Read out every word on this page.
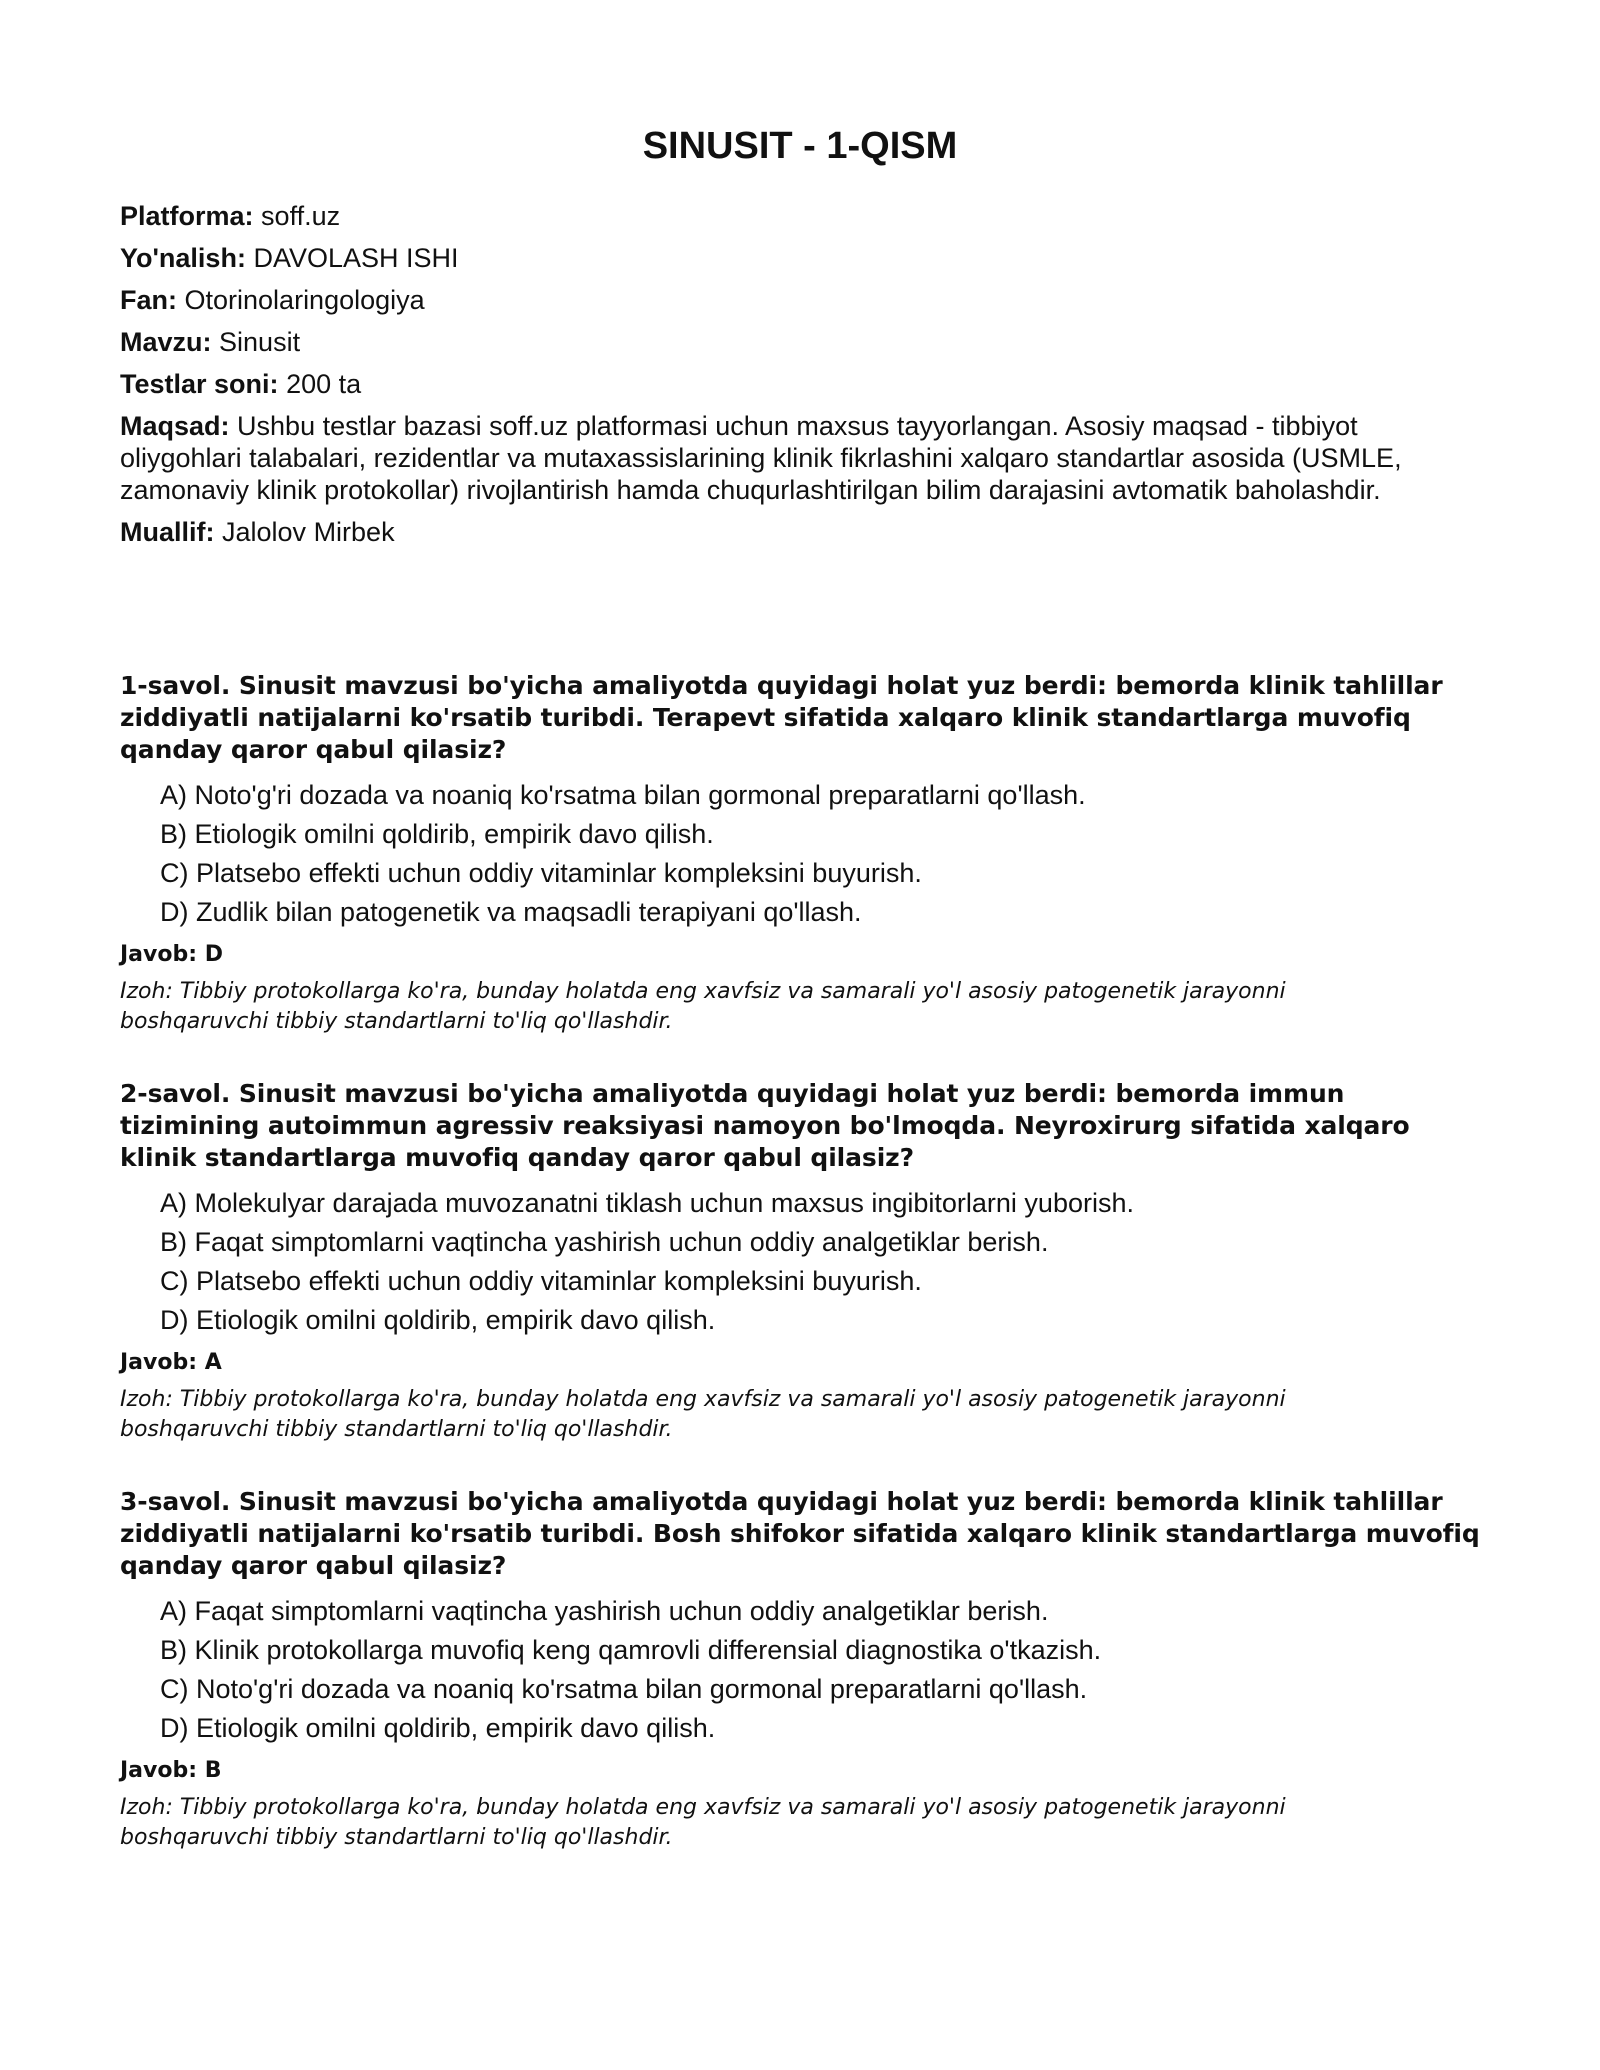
SINUSIT - 1-QISM
Platforma: soff.uz
Yo'nalish: DAVOLASH ISHI
Fan: Otorinolaringologiya
Mavzu: Sinusit
Testlar soni: 200 ta
Maqsad: Ushbu testlar bazasi soff.uz platformasi uchun maxsus tayyorlangan. Asosiy maqsad - tibbiyot oliygohlari talabalari, rezidentlar va mutaxassislarining klinik fikrlashini xalqaro standartlar asosida (USMLE, zamonaviy klinik protokollar) rivojlantirish hamda chuqurlashtirilgan bilim darajasini avtomatik baholashdir.
Muallif: Jalolov Mirbek
1-savol. Sinusit mavzusi bo'yicha amaliyotda quyidagi holat yuz berdi: bemorda klinik tahlillar ziddiyatli natijalarni ko'rsatib turibdi. Terapevt sifatida xalqaro klinik standartlarga muvofiq qanday qaror qabul qilasiz?
A) Noto'g'ri dozada va noaniq ko'rsatma bilan gormonal preparatlarni qo'llash.
B) Etiologik omilni qoldirib, empirik davo qilish.
C) Platsebo effekti uchun oddiy vitaminlar kompleksini buyurish.
D) Zudlik bilan patogenetik va maqsadli terapiyani qo'llash.
Javob: D
Izoh: Tibbiy protokollarga ko'ra, bunday holatda eng xavfsiz va samarali yo'l asosiy patogenetik jarayonni boshqaruvchi tibbiy standartlarni to'liq qo'llashdir.
2-savol. Sinusit mavzusi bo'yicha amaliyotda quyidagi holat yuz berdi: bemorda immun tizimining autoimmun agressiv reaksiyasi namoyon bo'lmoqda. Neyroxirurg sifatida xalqaro klinik standartlarga muvofiq qanday qaror qabul qilasiz?
A) Molekulyar darajada muvozanatni tiklash uchun maxsus ingibitorlarni yuborish.
B) Faqat simptomlarni vaqtincha yashirish uchun oddiy analgetiklar berish.
C) Platsebo effekti uchun oddiy vitaminlar kompleksini buyurish.
D) Etiologik omilni qoldirib, empirik davo qilish.
Javob: A
Izoh: Tibbiy protokollarga ko'ra, bunday holatda eng xavfsiz va samarali yo'l asosiy patogenetik jarayonni boshqaruvchi tibbiy standartlarni to'liq qo'llashdir.
3-savol. Sinusit mavzusi bo'yicha amaliyotda quyidagi holat yuz berdi: bemorda klinik tahlillar ziddiyatli natijalarni ko'rsatib turibdi. Bosh shifokor sifatida xalqaro klinik standartlarga muvofiq qanday qaror qabul qilasiz?
A) Faqat simptomlarni vaqtincha yashirish uchun oddiy analgetiklar berish.
B) Klinik protokollarga muvofiq keng qamrovli differensial diagnostika o'tkazish.
C) Noto'g'ri dozada va noaniq ko'rsatma bilan gormonal preparatlarni qo'llash.
D) Etiologik omilni qoldirib, empirik davo qilish.
Javob: B
Izoh: Tibbiy protokollarga ko'ra, bunday holatda eng xavfsiz va samarali yo'l asosiy patogenetik jarayonni boshqaruvchi tibbiy standartlarni to'liq qo'llashdir.
